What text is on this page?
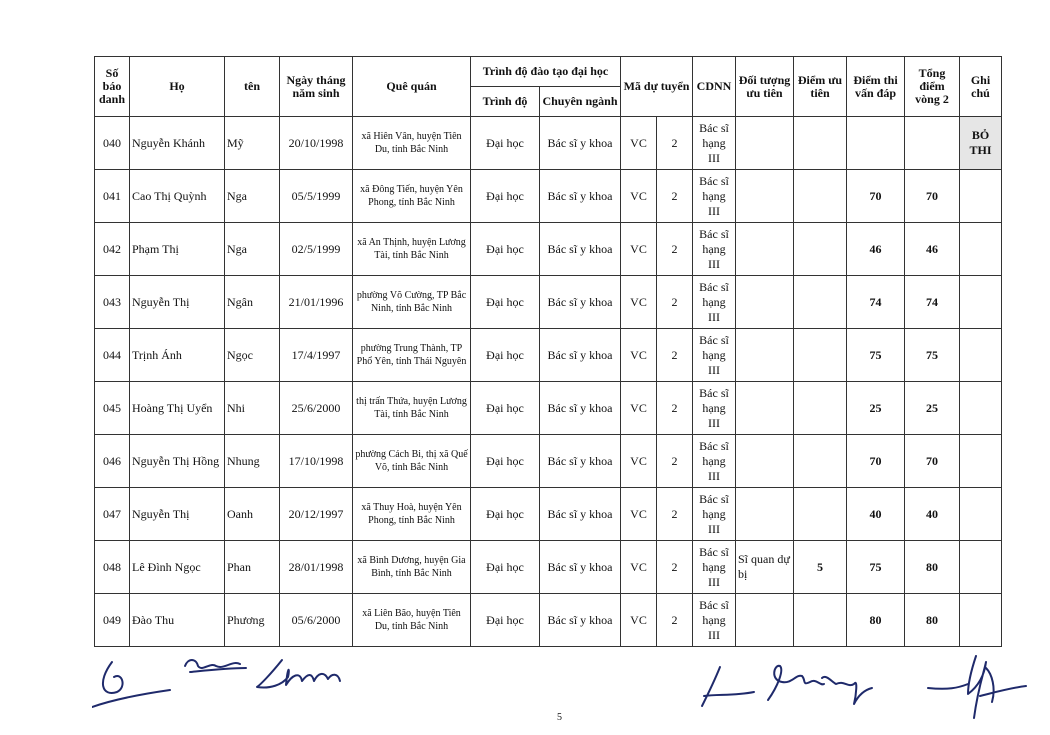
Số báo danh	Họ	tên	Ngày tháng năm sinh	Quê quán	Trình độ đào tạo đại học		Mã dự tuyển		CDNN	Đối tượng ưu tiên	Điểm ưu tiên	Điểm thi vấn đáp	Tổng điểm vòng 2	Ghi chú
					Trình độ	Chuyên ngành								
040	Nguyễn Khánh	Mỹ	20/10/1998	xã Hiên Vân, huyện Tiên Du, tỉnh Bắc Ninh	Đại học	Bác sĩ y khoa	VC	2	Bác sĩ hạng III					BỎ THI
041	Cao Thị Quỳnh	Nga	05/5/1999	xã Đông Tiến, huyện Yên Phong, tỉnh Bắc Ninh	Đại học	Bác sĩ y khoa	VC	2	Bác sĩ hạng III			70	70	
042	Phạm Thị	Nga	02/5/1999	xã An Thịnh, huyện Lương Tài, tỉnh Bắc Ninh	Đại học	Bác sĩ y khoa	VC	2	Bác sĩ hạng III			46	46	
043	Nguyễn Thị	Ngân	21/01/1996	phường Võ Cường, TP Bắc Ninh, tỉnh Bắc Ninh	Đại học	Bác sĩ y khoa	VC	2	Bác sĩ hạng III			74	74	
044	Trịnh Ánh	Ngọc	17/4/1997	phường Trung Thành, TP Phổ Yên, tỉnh Thái Nguyên	Đại học	Bác sĩ y khoa	VC	2	Bác sĩ hạng III			75	75	
045	Hoàng Thị Uyển	Nhi	25/6/2000	thị trấn Thứa, huyện Lương Tài, tỉnh Bắc Ninh	Đại học	Bác sĩ y khoa	VC	2	Bác sĩ hạng III			25	25	
046	Nguyễn Thị Hồng	Nhung	17/10/1998	phường Cách Bi, thị xã Quế Võ, tỉnh Bắc Ninh	Đại học	Bác sĩ y khoa	VC	2	Bác sĩ hạng III			70	70	
047	Nguyễn Thị	Oanh	20/12/1997	xã Thuy Hoà, huyện Yên Phong, tỉnh Bắc Ninh	Đại học	Bác sĩ y khoa	VC	2	Bác sĩ hạng III			40	40	
048	Lê Đình Ngọc	Phan	28/01/1998	xã Bình Dương, huyện Gia Bình, tỉnh Bắc Ninh	Đại học	Bác sĩ y khoa	VC	2	Bác sĩ hạng III	Sĩ quan dự bị	5	75	80	
049	Đào Thu	Phương	05/6/2000	xã Liên Bão, huyện Tiên Du, tỉnh Bắc Ninh	Đại học	Bác sĩ y khoa	VC	2	Bác sĩ hạng III			80	80	
5
